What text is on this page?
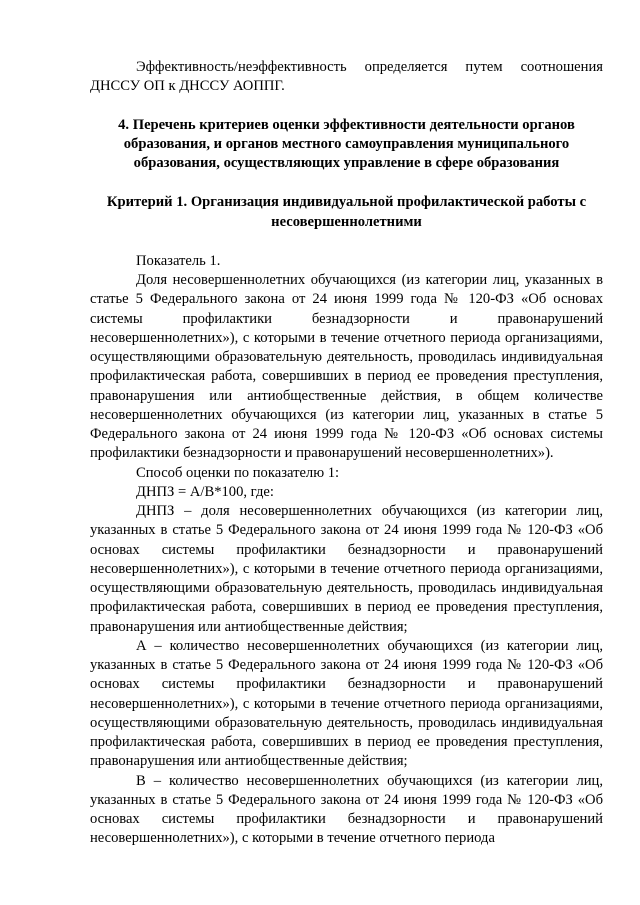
Эффективность/неэффективность определяется путем соотношения ДНССУ ОП к ДНССУ АОППГ.

4. Перечень критериев оценки эффективности деятельности органов образования, и органов местного самоуправления муниципального образования, осуществляющих управление в сфере образования

Критерий 1. Организация индивидуальной профилактической работы с несовершеннолетними

Показатель 1.

Доля несовершеннолетних обучающихся (из категории лиц, указанных в статье 5 Федерального закона от 24 июня 1999 года № 120-ФЗ «Об основах системы профилактики безнадзорности и правонарушений несовершеннолетних»), с которыми в течение отчетного периода организациями, осуществляющими образовательную деятельность, проводилась индивидуальная профилактическая работа, совершивших в период ее проведения преступления, правонарушения или антиобщественные действия, в общем количестве несовершеннолетних обучающихся (из категории лиц, указанных в статье 5 Федерального закона от 24 июня 1999 года № 120-ФЗ «Об основах системы профилактики безнадзорности и правонарушений несовершеннолетних»).

Способ оценки по показателю 1:

ДНПЗ = А/В*100, где:

ДНПЗ – доля несовершеннолетних обучающихся (из категории лиц, указанных в статье 5 Федерального закона от 24 июня 1999 года № 120-ФЗ «Об основах системы профилактики безнадзорности и правонарушений несовершеннолетних»), с которыми в течение отчетного периода организациями, осуществляющими образовательную деятельность, проводилась индивидуальная профилактическая работа, совершивших в период ее проведения преступления, правонарушения или антиобщественные действия;

А – количество несовершеннолетних обучающихся (из категории лиц, указанных в статье 5 Федерального закона от 24 июня 1999 года № 120-ФЗ «Об основах системы профилактики безнадзорности и правонарушений несовершеннолетних»), с которыми в течение отчетного периода организациями, осуществляющими образовательную деятельность, проводилась индивидуальная профилактическая работа, совершивших в период ее проведения преступления, правонарушения или антиобщественные действия;

В – количество несовершеннолетних обучающихся (из категории лиц, указанных в статье 5 Федерального закона от 24 июня 1999 года № 120-ФЗ «Об основах системы профилактики безнадзорности и правонарушений несовершеннолетних»), с которыми в течение отчетного периода
